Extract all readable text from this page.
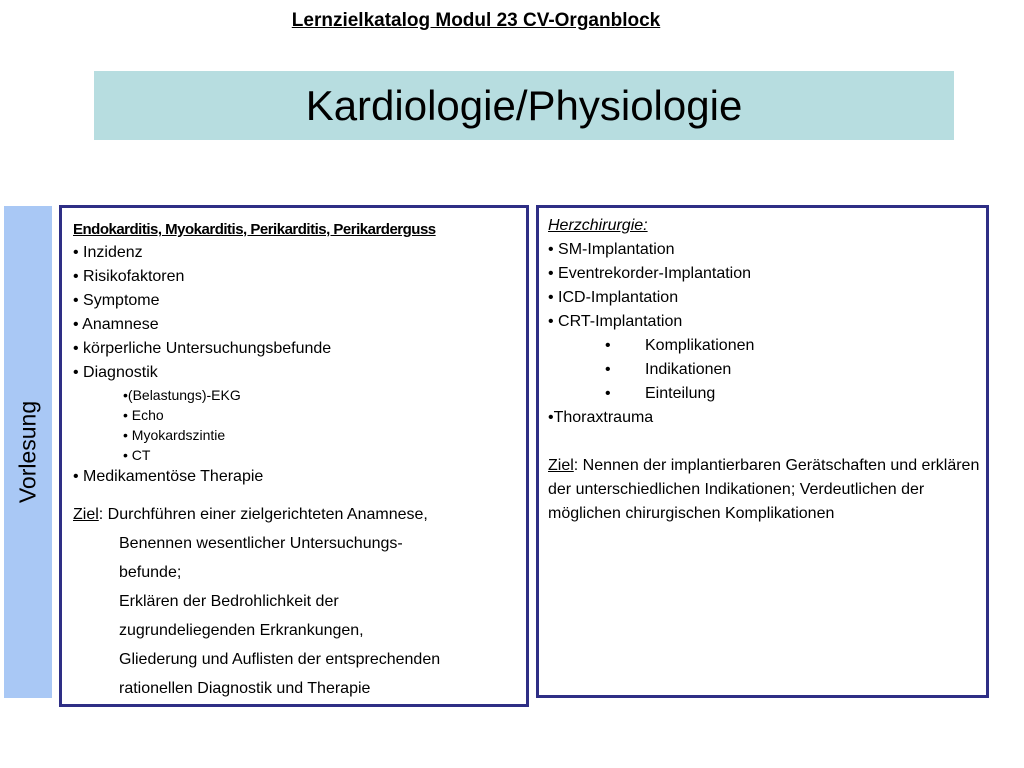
Lernzielkatalog Modul 23 CV-Organblock
Kardiologie/Physiologie
Vorlesung
Endokarditis, Myokarditis, Perikarditis, Perikarderguss
• Inzidenz
• Risikofaktoren
• Symptome
• Anamnese
• körperliche Untersuchungsbefunde
• Diagnostik
•(Belastungs)-EKG
• Echo
• Myokardszintie
• CT
• Medikamentöse Therapie
Ziel: Durchführen einer zielgerichteten Anamnese,
Benennen wesentlicher Untersuchungs-
befunde;
Erklären der Bedrohlichkeit der
zugrundeliegenden Erkrankungen,
Gliederung und Auflisten der entsprechenden
rationellen Diagnostik und Therapie
Herzchirurgie:
• SM-Implantation
• Eventrekorder-Implantation
• ICD-Implantation
• CRT-Implantation
• Komplikationen
• Indikationen
• Einteilung
•Thoraxtrauma
Ziel: Nennen der implantierbaren Gerätschaften und erklären der unterschiedlichen Indikationen; Verdeutlichen der möglichen chirurgischen Komplikationen
